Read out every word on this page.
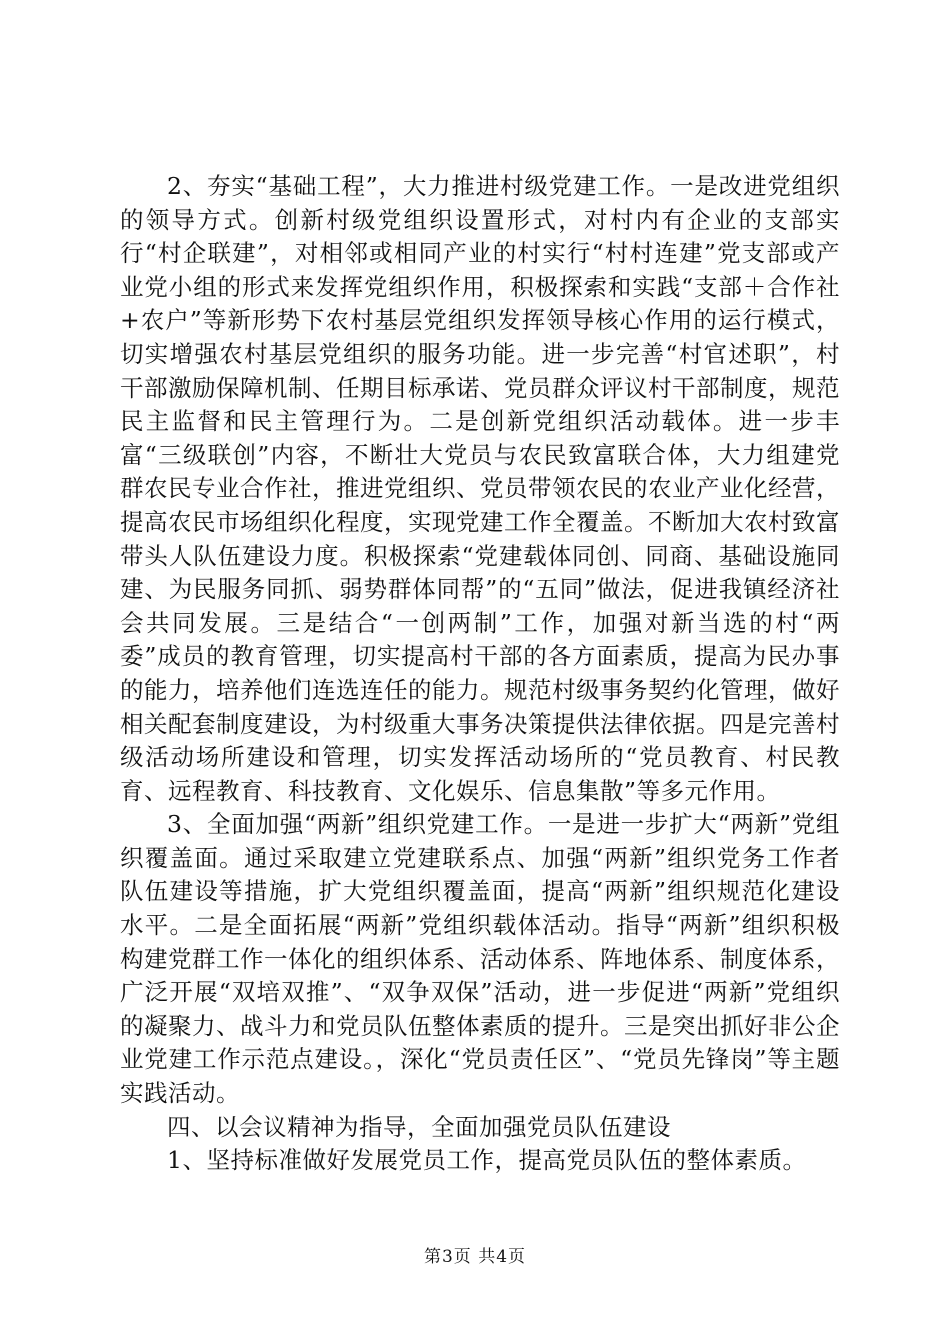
2、夯实“基础工程”，大力推进村级党建工作。一是改进党组织的领导方式。创新村级党组织设置形式，对村内有企业的支部实行“村企联建”，对相邻或相同产业的村实行“村村连建”党支部或产业党小组的形式来发挥党组织作用，积极探索和实践“支部＋合作社+农户”等新形势下农村基层党组织发挥领导核心作用的运行模式，切实增强农村基层党组织的服务功能。进一步完善“村官述职”，村干部激励保障机制、任期目标承诺、党员群众评议村干部制度，规范民主监督和民主管理行为。二是创新党组织活动载体。进一步丰富“三级联创”内容，不断壮大党员与农民致富联合体，大力组建党群农民专业合作社，推进党组织、党员带领农民的农业产业化经营，提高农民市场组织化程度，实现党建工作全覆盖。不断加大农村致富带头人队伍建设力度。积极探索“党建载体同创、同商、基础设施同建、为民服务同抓、弱势群体同帮”的“五同”做法，促进我镇经济社会共同发展。三是结合“一创两制”工作，加强对新当选的村“两委”成员的教育管理，切实提高村干部的各方面素质，提高为民办事的能力，培养他们连选连任的能力。规范村级事务契约化管理，做好相关配套制度建设，为村级重大事务决策提供法律依据。四是完善村级活动场所建设和管理，切实发挥活动场所的“党员教育、村民教育、远程教育、科技教育、文化娱乐、信息集散”等多元作用。

3、全面加强“两新”组织党建工作。一是进一步扩大“两新”党组织覆盖面。通过采取建立党建联系点、加强“两新”组织党务工作者队伍建设等措施，扩大党组织覆盖面，提高“两新”组织规范化建设水平。二是全面拓展“两新”党组织载体活动。指导“两新”组织积极构建党群工作一体化的组织体系、活动体系、阵地体系、制度体系，广泛开展“双培双推”、“双争双保”活动，进一步促进“两新”党组织的凝聚力、战斗力和党员队伍整体素质的提升。三是突出抓好非公企业党建工作示范点建设。，深化“党员责任区”、“党员先锋岗”等主题实践活动。

四、以会议精神为指导，全面加强党员队伍建设

1、坚持标准做好发展党员工作，提高党员队伍的整体素质。

第3页 共4页
